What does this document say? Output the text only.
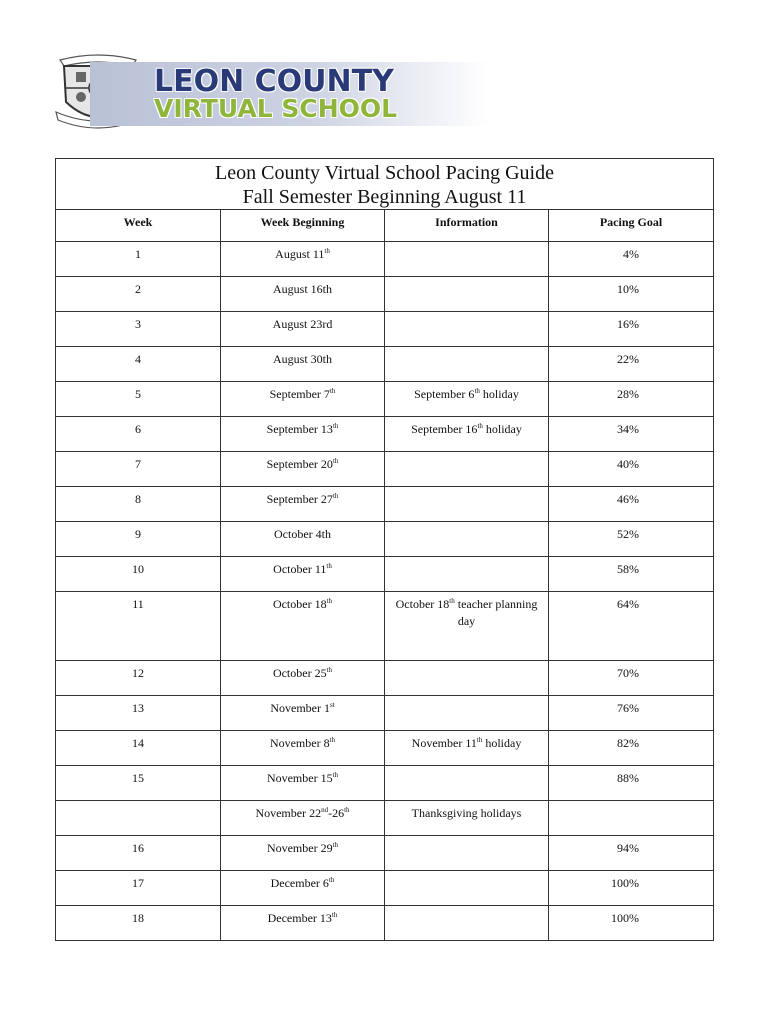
LEON COUNTY
VIRTUAL SCHOOL
Leon County Virtual School Pacing Guide
Fall Semester Beginning August 11			

Week	Week Beginning	Information	Pacing Goal
1	August 11th		4%
2	August 16th		10%
3	August 23rd		16%
4	August 30th		22%
5	September 7th	September 6th holiday	28%
6	September 13th	September 16th holiday	34%
7	September 20th		40%
8	September 27th		46%
9	October 4th		52%
10	October 11th		58%
11	October 18th	October 18th teacher planning day	64%
12	October 25th		70%
13	November 1st		76%
14	November 8th	November 11th holiday	82%
15	November 15th		88%
	November 22nd-26th	Thanksgiving holidays	
16	November 29th		94%
17	December 6th		100%
18	December 13th		100%
